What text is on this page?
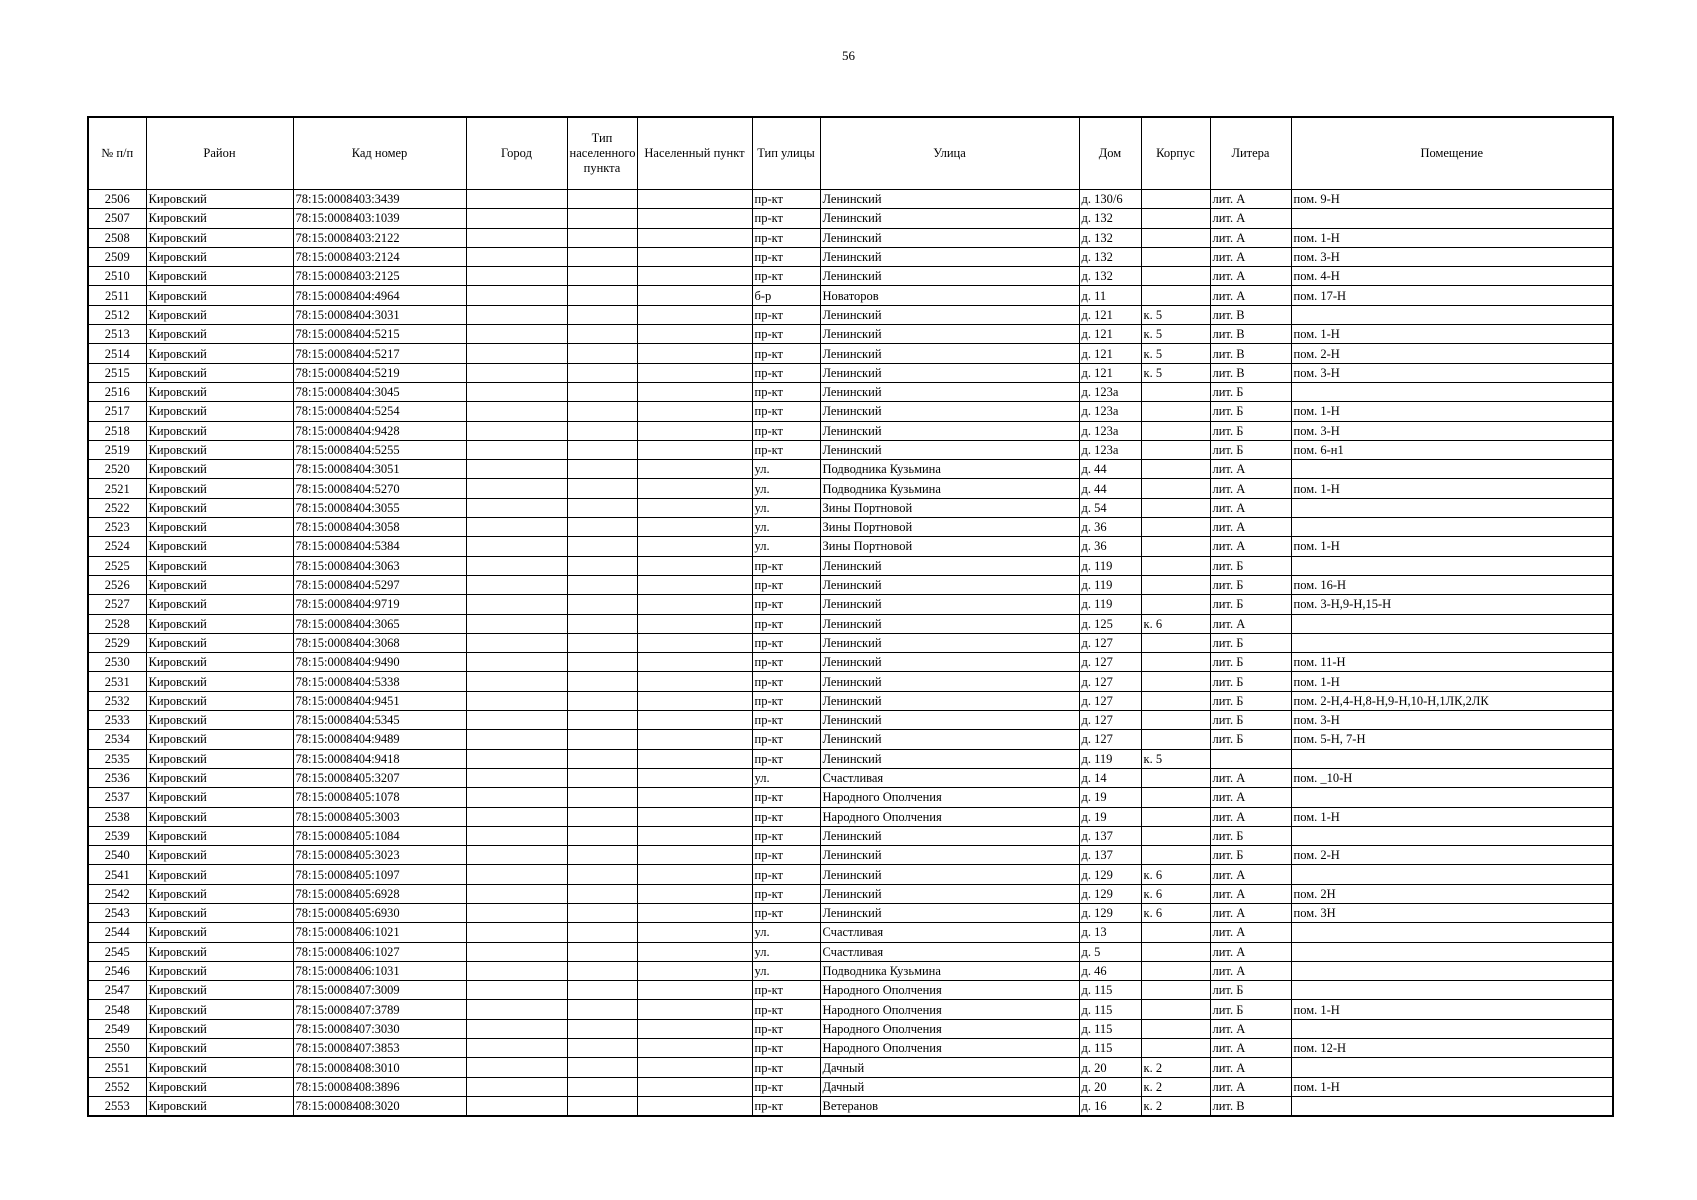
56
№ п/п	Район	Кад номер	Город	Тип населенного пункта	Населенный пункт	Тип улицы	Улица	Дом	Корпус	Литера	Помещение
2506	Кировский	78:15:0008403:3439				пр-кт	Ленинский	д. 130/6		лит. А	пом. 9-Н
2507	Кировский	78:15:0008403:1039				пр-кт	Ленинский	д. 132		лит. А	
2508	Кировский	78:15:0008403:2122				пр-кт	Ленинский	д. 132		лит. А	пом. 1-Н
2509	Кировский	78:15:0008403:2124				пр-кт	Ленинский	д. 132		лит. А	пом. 3-Н
2510	Кировский	78:15:0008403:2125				пр-кт	Ленинский	д. 132		лит. А	пом. 4-Н
2511	Кировский	78:15:0008404:4964				б-р	Новаторов	д. 11		лит. А	пом. 17-Н
2512	Кировский	78:15:0008404:3031				пр-кт	Ленинский	д. 121	к. 5	лит. В	
2513	Кировский	78:15:0008404:5215				пр-кт	Ленинский	д. 121	к. 5	лит. В	пом. 1-Н
2514	Кировский	78:15:0008404:5217				пр-кт	Ленинский	д. 121	к. 5	лит. В	пом. 2-Н
2515	Кировский	78:15:0008404:5219				пр-кт	Ленинский	д. 121	к. 5	лит. В	пом. 3-Н
2516	Кировский	78:15:0008404:3045				пр-кт	Ленинский	д. 123а		лит. Б	
2517	Кировский	78:15:0008404:5254				пр-кт	Ленинский	д. 123а		лит. Б	пом. 1-Н
2518	Кировский	78:15:0008404:9428				пр-кт	Ленинский	д. 123а		лит. Б	пом. 3-Н
2519	Кировский	78:15:0008404:5255				пр-кт	Ленинский	д. 123а		лит. Б	пом. 6-н1
2520	Кировский	78:15:0008404:3051				ул.	Подводника Кузьмина	д. 44		лит. А	
2521	Кировский	78:15:0008404:5270				ул.	Подводника Кузьмина	д. 44		лит. А	пом. 1-Н
2522	Кировский	78:15:0008404:3055				ул.	Зины Портновой	д. 54		лит. А	
2523	Кировский	78:15:0008404:3058				ул.	Зины Портновой	д. 36		лит. А	
2524	Кировский	78:15:0008404:5384				ул.	Зины Портновой	д. 36		лит. А	пом. 1-Н
2525	Кировский	78:15:0008404:3063				пр-кт	Ленинский	д. 119		лит. Б	
2526	Кировский	78:15:0008404:5297				пр-кт	Ленинский	д. 119		лит. Б	пом. 16-Н
2527	Кировский	78:15:0008404:9719				пр-кт	Ленинский	д. 119		лит. Б	пом. 3-Н,9-Н,15-Н
2528	Кировский	78:15:0008404:3065				пр-кт	Ленинский	д. 125	к. 6	лит. А	
2529	Кировский	78:15:0008404:3068				пр-кт	Ленинский	д. 127		лит. Б	
2530	Кировский	78:15:0008404:9490				пр-кт	Ленинский	д. 127		лит. Б	пом. 11-Н
2531	Кировский	78:15:0008404:5338				пр-кт	Ленинский	д. 127		лит. Б	пом. 1-Н
2532	Кировский	78:15:0008404:9451				пр-кт	Ленинский	д. 127		лит. Б	пом. 2-Н,4-Н,8-Н,9-Н,10-Н,1ЛК,2ЛК
2533	Кировский	78:15:0008404:5345				пр-кт	Ленинский	д. 127		лит. Б	пом. 3-Н
2534	Кировский	78:15:0008404:9489				пр-кт	Ленинский	д. 127		лит. Б	пом. 5-Н, 7-Н
2535	Кировский	78:15:0008404:9418				пр-кт	Ленинский	д. 119	к. 5		
2536	Кировский	78:15:0008405:3207				ул.	Счастливая	д. 14		лит. А	пом. _10-Н
2537	Кировский	78:15:0008405:1078				пр-кт	Народного Ополчения	д. 19		лит. А	
2538	Кировский	78:15:0008405:3003				пр-кт	Народного Ополчения	д. 19		лит. А	пом. 1-Н
2539	Кировский	78:15:0008405:1084				пр-кт	Ленинский	д. 137		лит. Б	
2540	Кировский	78:15:0008405:3023				пр-кт	Ленинский	д. 137		лит. Б	пом. 2-Н
2541	Кировский	78:15:0008405:1097				пр-кт	Ленинский	д. 129	к. 6	лит. А	
2542	Кировский	78:15:0008405:6928				пр-кт	Ленинский	д. 129	к. 6	лит. А	пом. 2Н
2543	Кировский	78:15:0008405:6930				пр-кт	Ленинский	д. 129	к. 6	лит. А	пом. 3Н
2544	Кировский	78:15:0008406:1021				ул.	Счастливая	д. 13		лит. А	
2545	Кировский	78:15:0008406:1027				ул.	Счастливая	д. 5		лит. А	
2546	Кировский	78:15:0008406:1031				ул.	Подводника Кузьмина	д. 46		лит. А	
2547	Кировский	78:15:0008407:3009				пр-кт	Народного Ополчения	д. 115		лит. Б	
2548	Кировский	78:15:0008407:3789				пр-кт	Народного Ополчения	д. 115		лит. Б	пом. 1-Н
2549	Кировский	78:15:0008407:3030				пр-кт	Народного Ополчения	д. 115		лит. А	
2550	Кировский	78:15:0008407:3853				пр-кт	Народного Ополчения	д. 115		лит. А	пом. 12-Н
2551	Кировский	78:15:0008408:3010				пр-кт	Дачный	д. 20	к. 2	лит. А	
2552	Кировский	78:15:0008408:3896				пр-кт	Дачный	д. 20	к. 2	лит. А	пом. 1-Н
2553	Кировский	78:15:0008408:3020				пр-кт	Ветеранов	д. 16	к. 2	лит. В	
